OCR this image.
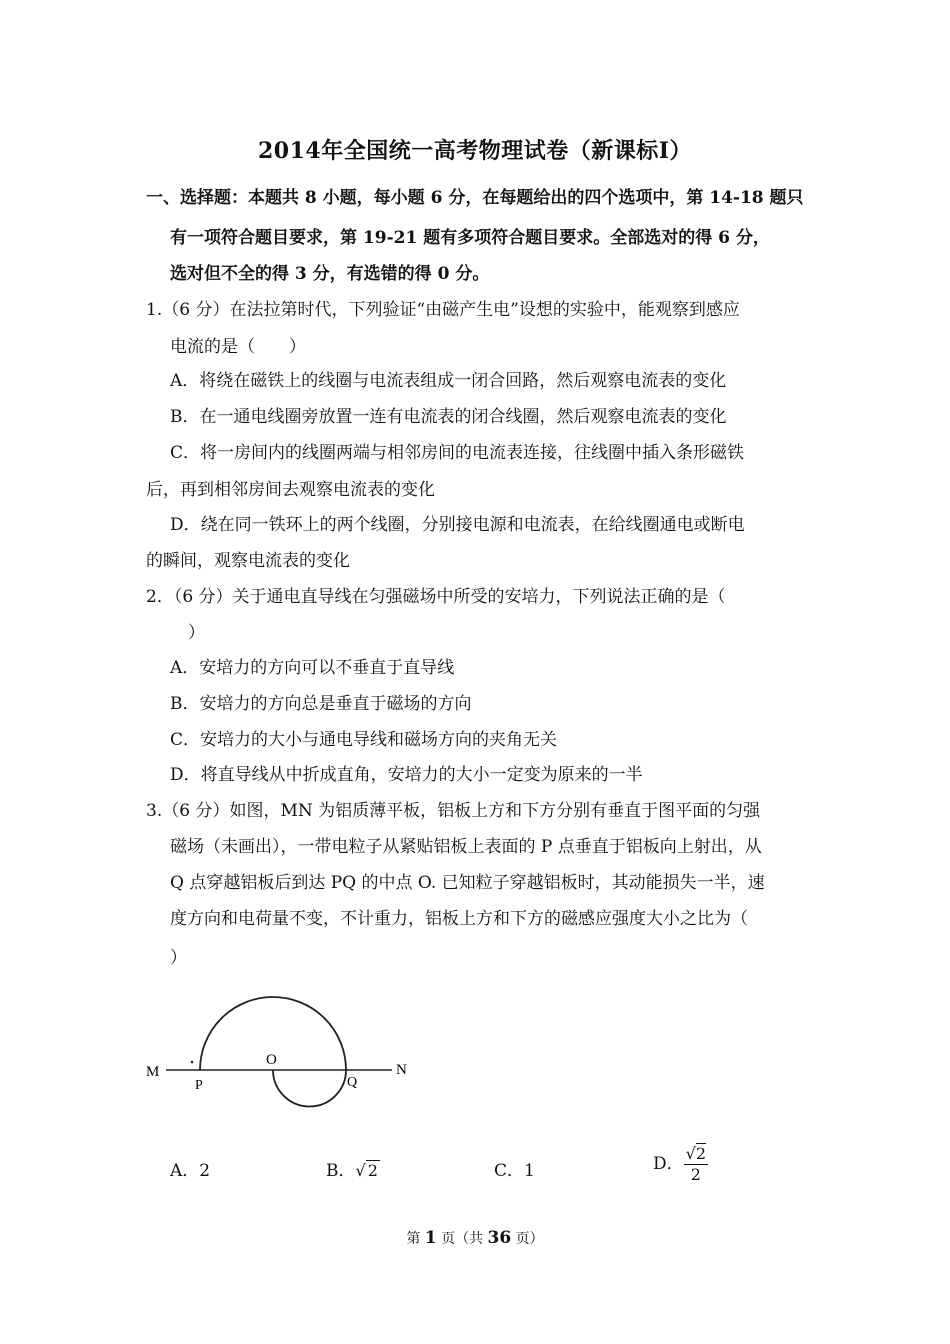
2014年全国统一高考物理试卷（新课标Ⅰ）
一、选择题：本题共 8 小题，每小题 6 分，在每题给出的四个选项中，第 14-18 题只
有一项符合题目要求，第 19-21 题有多项符合题目要求。全部选对的得 6 分，
选对但不全的得 3 分，有选错的得 0 分。
1.（6 分）在法拉第时代，下列验证“由磁产生电”设想的实验中，能观察到感应
电流的是（　　）
A．将绕在磁铁上的线圈与电流表组成一闭合回路，然后观察电流表的变化
B．在一通电线圈旁放置一连有电流表的闭合线圈，然后观察电流表的变化
C．将一房间内的线圈两端与相邻房间的电流表连接，往线圈中插入条形磁铁
后，再到相邻房间去观察电流表的变化
D．绕在同一铁环上的两个线圈，分别接电源和电流表，在给线圈通电或断电
的瞬间，观察电流表的变化
2．（6 分）关于通电直导线在匀强磁场中所受的安培力，下列说法正确的是（
）
A．安培力的方向可以不垂直于直导线
B．安培力的方向总是垂直于磁场的方向
C．安培力的大小与通电导线和磁场方向的夹角无关
D．将直导线从中折成直角，安培力的大小一定变为原来的一半
3.（6 分）如图，MN 为铝质薄平板，铝板上方和下方分别有垂直于图平面的匀强
磁场（未画出），一带电粒子从紧贴铝板上表面的 P 点垂直于铝板向上射出，从
Q 点穿越铝板后到达 PQ 的中点 O. 已知粒子穿越铝板时，其动能损失一半，速
度方向和电荷量不变，不计重力，铝板上方和下方的磁感应强度大小之比为（
）
M
P
O
Q
N
A．2	B．√ 2	C．1	D． $\frac{√2}{2}$
第 1 页（共 36 页）
